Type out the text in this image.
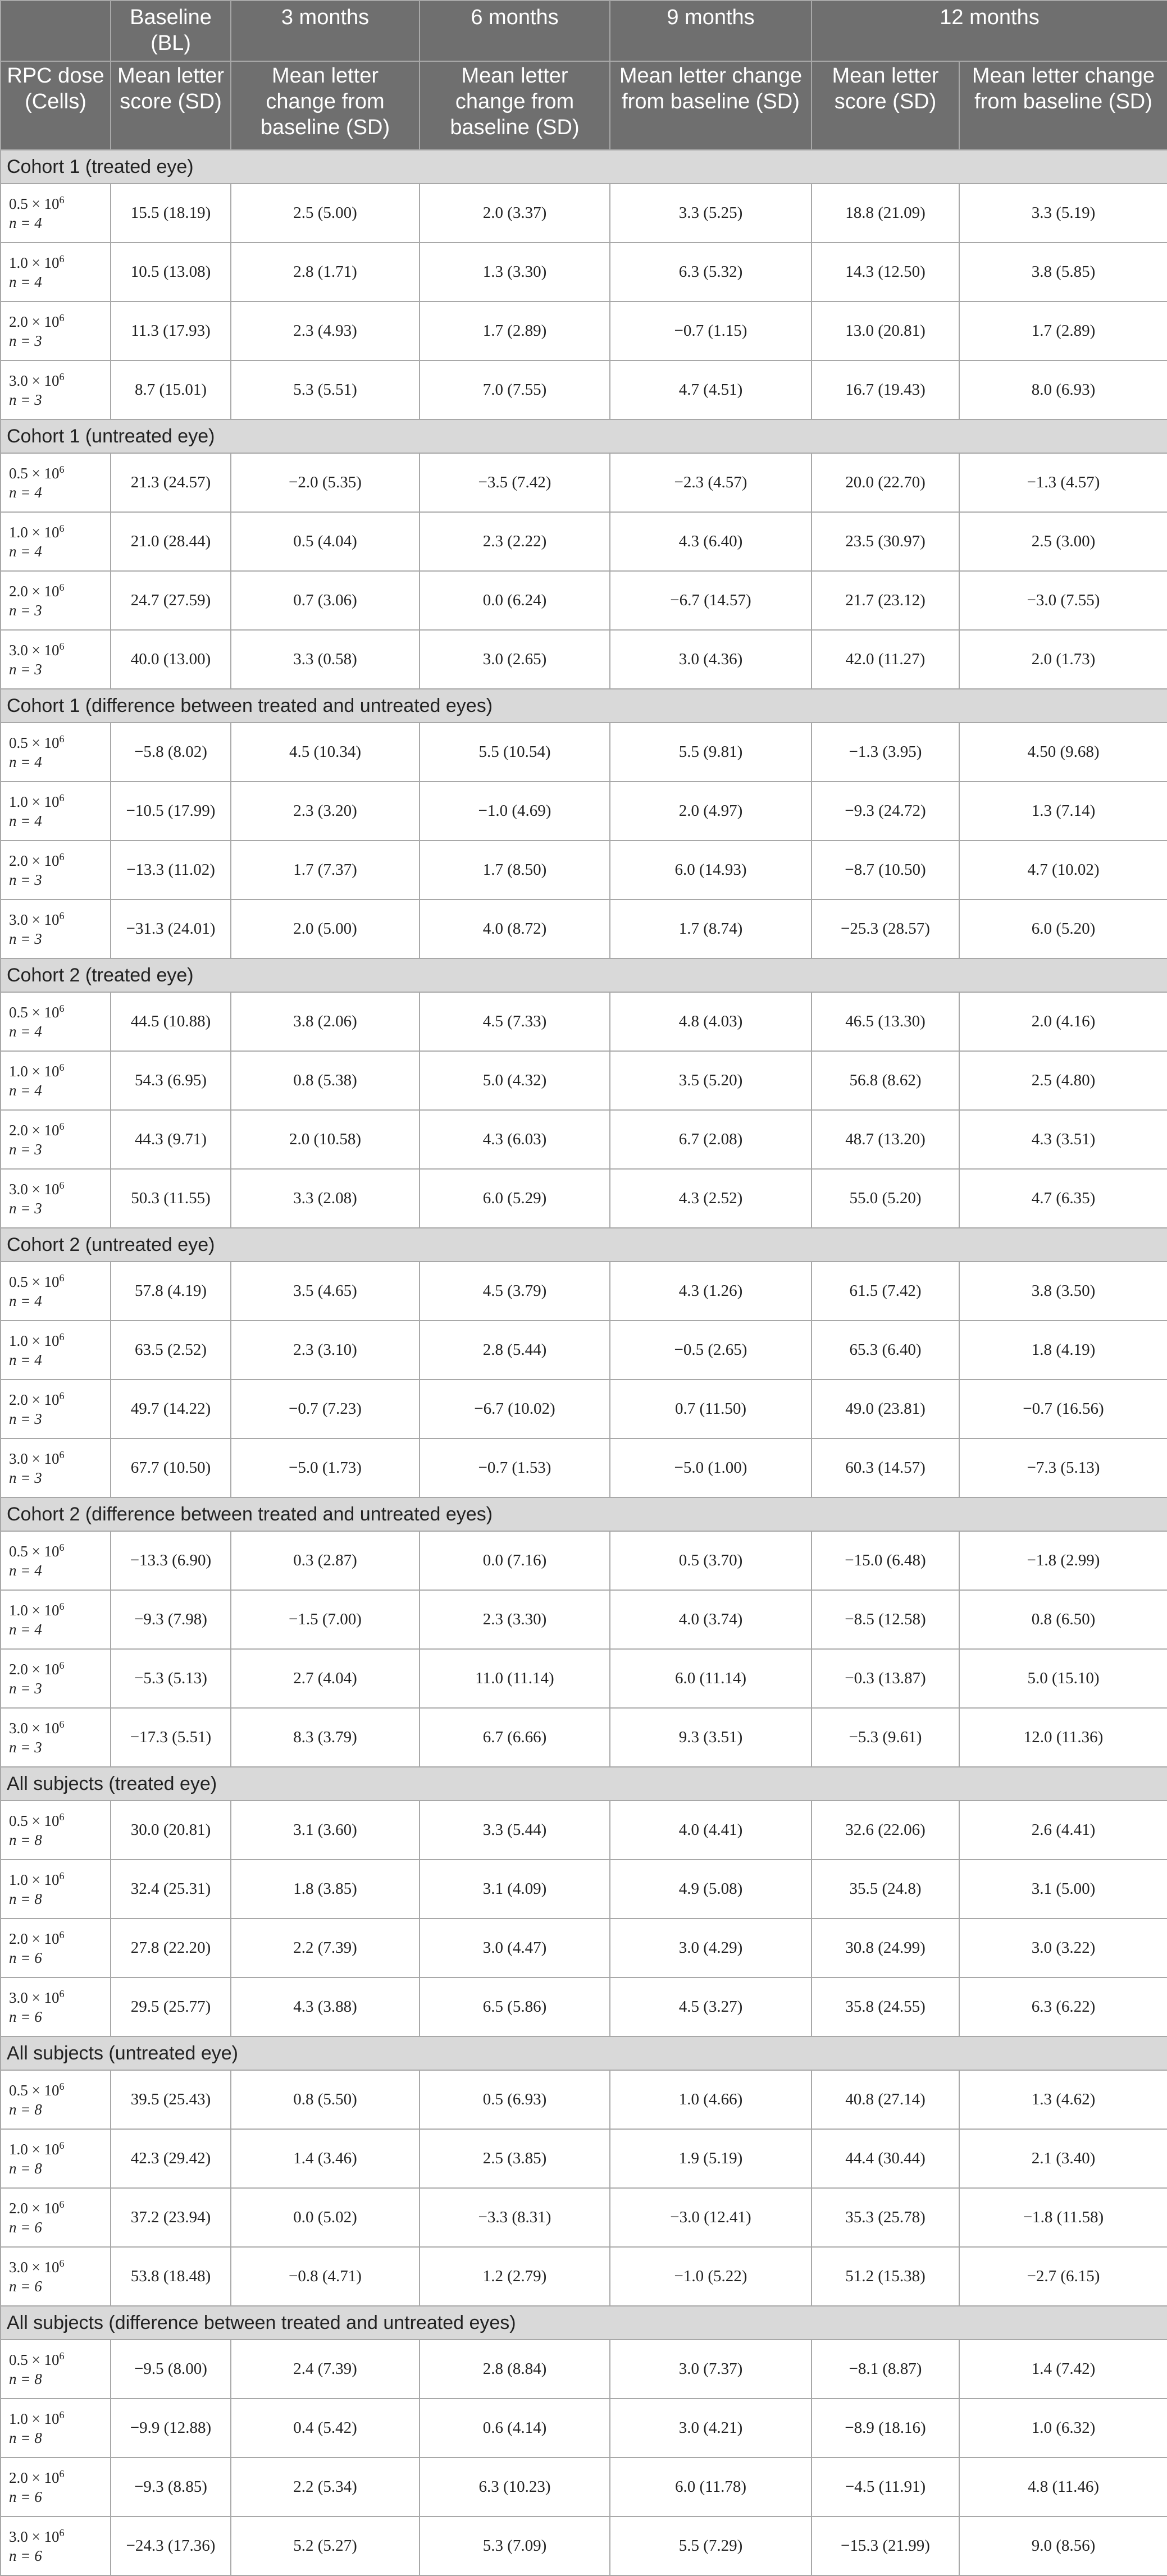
	Baseline (BL)	3 months	6 months	9 months	12 months	
RPC dose (Cells)	Mean letter score (SD)	Mean letter change from baseline (SD)	Mean letter change from baseline (SD)	Mean letter change from baseline (SD)	Mean letter score (SD)	Mean letter change from baseline (SD)
Cohort 1 (treated eye)						
$0.5 \times 10^6$
n = 4	15.5 (18.19)	2.5 (5.00)	2.0 (3.37)	3.3 (5.25)	18.8 (21.09)	3.3 (5.19)
$1.0 \times 10^6$
n = 4	10.5 (13.08)	2.8 (1.71)	1.3 (3.30)	6.3 (5.32)	14.3 (12.50)	3.8 (5.85)
$2.0 \times 10^6$
n = 3	11.3 (17.93)	2.3 (4.93)	1.7 (2.89)	−0.7 (1.15)	13.0 (20.81)	1.7 (2.89)
$3.0 \times 10^6$
n = 3	8.7 (15.01)	5.3 (5.51)	7.0 (7.55)	4.7 (4.51)	16.7 (19.43)	8.0 (6.93)
Cohort 1 (untreated eye)						
$0.5 \times 10^6$
n = 4	21.3 (24.57)	−2.0 (5.35)	−3.5 (7.42)	−2.3 (4.57)	20.0 (22.70)	−1.3 (4.57)
$1.0 \times 10^6$
n = 4	21.0 (28.44)	0.5 (4.04)	2.3 (2.22)	4.3 (6.40)	23.5 (30.97)	2.5 (3.00)
$2.0 \times 10^6$
n = 3	24.7 (27.59)	0.7 (3.06)	0.0 (6.24)	−6.7 (14.57)	21.7 (23.12)	−3.0 (7.55)
$3.0 \times 10^6$
n = 3	40.0 (13.00)	3.3 (0.58)	3.0 (2.65)	3.0 (4.36)	42.0 (11.27)	2.0 (1.73)
Cohort 1 (difference between treated and untreated eyes)						
$0.5 \times 10^6$
n = 4	−5.8 (8.02)	4.5 (10.34)	5.5 (10.54)	5.5 (9.81)	−1.3 (3.95)	4.50 (9.68)
$1.0 \times 10^6$
n = 4	−10.5 (17.99)	2.3 (3.20)	−1.0 (4.69)	2.0 (4.97)	−9.3 (24.72)	1.3 (7.14)
$2.0 \times 10^6$
n = 3	−13.3 (11.02)	1.7 (7.37)	1.7 (8.50)	6.0 (14.93)	−8.7 (10.50)	4.7 (10.02)
$3.0 \times 10^6$
n = 3	−31.3 (24.01)	2.0 (5.00)	4.0 (8.72)	1.7 (8.74)	−25.3 (28.57)	6.0 (5.20)
Cohort 2 (treated eye)						
$0.5 \times 10^6$
n = 4	44.5 (10.88)	3.8 (2.06)	4.5 (7.33)	4.8 (4.03)	46.5 (13.30)	2.0 (4.16)
$1.0 \times 10^6$
n = 4	54.3 (6.95)	0.8 (5.38)	5.0 (4.32)	3.5 (5.20)	56.8 (8.62)	2.5 (4.80)
$2.0 \times 10^6$
n = 3	44.3 (9.71)	2.0 (10.58)	4.3 (6.03)	6.7 (2.08)	48.7 (13.20)	4.3 (3.51)
$3.0 \times 10^6$
n = 3	50.3 (11.55)	3.3 (2.08)	6.0 (5.29)	4.3 (2.52)	55.0 (5.20)	4.7 (6.35)
Cohort 2 (untreated eye)						
$0.5 \times 10^6$
n = 4	57.8 (4.19)	3.5 (4.65)	4.5 (3.79)	4.3 (1.26)	61.5 (7.42)	3.8 (3.50)
$1.0 \times 10^6$
n = 4	63.5 (2.52)	2.3 (3.10)	2.8 (5.44)	−0.5 (2.65)	65.3 (6.40)	1.8 (4.19)
$2.0 \times 10^6$
n = 3	49.7 (14.22)	−0.7 (7.23)	−6.7 (10.02)	0.7 (11.50)	49.0 (23.81)	−0.7 (16.56)
$3.0 \times 10^6$
n = 3	67.7 (10.50)	−5.0 (1.73)	−0.7 (1.53)	−5.0 (1.00)	60.3 (14.57)	−7.3 (5.13)
Cohort 2 (difference between treated and untreated eyes)						
$0.5 \times 10^6$
n = 4	−13.3 (6.90)	0.3 (2.87)	0.0 (7.16)	0.5 (3.70)	−15.0 (6.48)	−1.8 (2.99)
$1.0 \times 10^6$
n = 4	−9.3 (7.98)	−1.5 (7.00)	2.3 (3.30)	4.0 (3.74)	−8.5 (12.58)	0.8 (6.50)
$2.0 \times 10^6$
n = 3	−5.3 (5.13)	2.7 (4.04)	11.0 (11.14)	6.0 (11.14)	−0.3 (13.87)	5.0 (15.10)
$3.0 \times 10^6$
n = 3	−17.3 (5.51)	8.3 (3.79)	6.7 (6.66)	9.3 (3.51)	−5.3 (9.61)	12.0 (11.36)
All subjects (treated eye)						
$0.5 \times 10^6$
n = 8	30.0 (20.81)	3.1 (3.60)	3.3 (5.44)	4.0 (4.41)	32.6 (22.06)	2.6 (4.41)
$1.0 \times 10^6$
n = 8	32.4 (25.31)	1.8 (3.85)	3.1 (4.09)	4.9 (5.08)	35.5 (24.8)	3.1 (5.00)
$2.0 \times 10^6$
n = 6	27.8 (22.20)	2.2 (7.39)	3.0 (4.47)	3.0 (4.29)	30.8 (24.99)	3.0 (3.22)
$3.0 \times 10^6$
n = 6	29.5 (25.77)	4.3 (3.88)	6.5 (5.86)	4.5 (3.27)	35.8 (24.55)	6.3 (6.22)
All subjects (untreated eye)						
$0.5 \times 10^6$
n = 8	39.5 (25.43)	0.8 (5.50)	0.5 (6.93)	1.0 (4.66)	40.8 (27.14)	1.3 (4.62)
$1.0 \times 10^6$
n = 8	42.3 (29.42)	1.4 (3.46)	2.5 (3.85)	1.9 (5.19)	44.4 (30.44)	2.1 (3.40)
$2.0 \times 10^6$
n = 6	37.2 (23.94)	0.0 (5.02)	−3.3 (8.31)	−3.0 (12.41)	35.3 (25.78)	−1.8 (11.58)
$3.0 \times 10^6$
n = 6	53.8 (18.48)	−0.8 (4.71)	1.2 (2.79)	−1.0 (5.22)	51.2 (15.38)	−2.7 (6.15)
All subjects (difference between treated and untreated eyes)						
$0.5 \times 10^6$
n = 8	−9.5 (8.00)	2.4 (7.39)	2.8 (8.84)	3.0 (7.37)	−8.1 (8.87)	1.4 (7.42)
$1.0 \times 10^6$
n = 8	−9.9 (12.88)	0.4 (5.42)	0.6 (4.14)	3.0 (4.21)	−8.9 (18.16)	1.0 (6.32)
$2.0 \times 10^6$
n = 6	−9.3 (8.85)	2.2 (5.34)	6.3 (10.23)	6.0 (11.78)	−4.5 (11.91)	4.8 (11.46)
$3.0 \times 10^6$
n = 6	−24.3 (17.36)	5.2 (5.27)	5.3 (7.09)	5.5 (7.29)	−15.3 (21.99)	9.0 (8.56)
